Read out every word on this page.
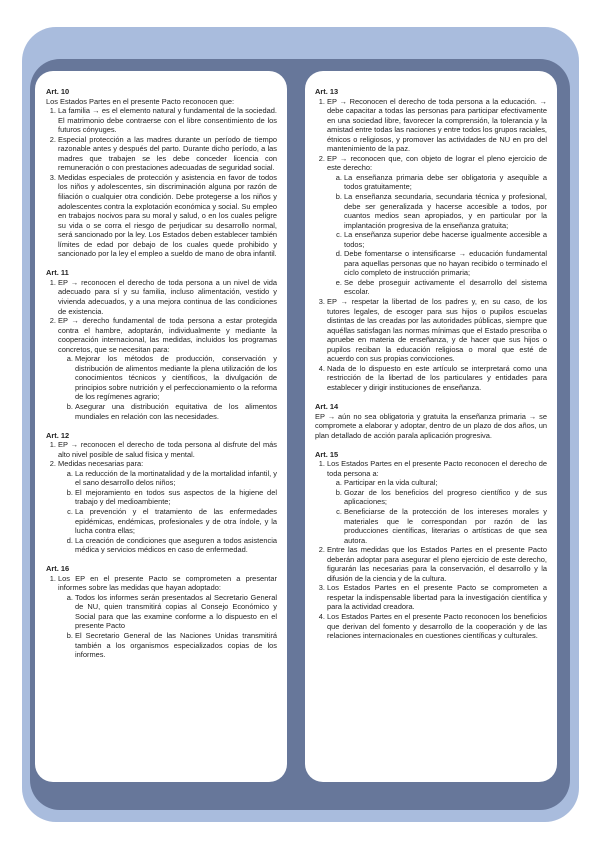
Art. 10

Los Estados Partes en el presente Pacto reconocen que:

1. La familia → es el elemento natural y fundamental de la sociedad. El matrimonio debe contraerse con el libre consentimiento de los futuros cónyuges.
2. Especial protección a las madres durante un período de tiempo razonable antes y después del parto. Durante dicho período, a las madres que trabajen se les debe conceder licencia con remuneración o con prestaciones adecuadas de seguridad social.
3. Medidas especiales de protección y asistencia en favor de todos los niños y adolescentes, sin discriminación alguna por razón de filiación o cualquier otra condición. Debe protegerse a los niños y adolescentes contra la explotación económica y social. Su empleo en trabajos nocivos para su moral y salud, o en los cuales peligre su vida o se corra el riesgo de perjudicar su desarrollo normal, será sancionado por la ley. Los Estados deben establecer también límites de edad por debajo de los cuales quede prohibido y sancionado por la ley el empleo a sueldo de mano de obra infantil.
Art. 11
1. EP → reconocen el derecho de toda persona a un nivel de vida adecuado para sí y su familia, incluso alimentación, vestido y vivienda adecuados, y a una mejora continua de las condiciones de existencia.
2. EP → derecho fundamental de toda persona a estar protegida contra el hambre, adoptarán, individualmente y mediante la cooperación internacional, las medidas, incluidos los programas concretos, que se necesitan para:
a. Mejorar los métodos de producción, conservación y distribución de alimentos mediante la plena utilización de los conocimientos técnicos y científicos, la divulgación de principios sobre nutrición y el perfeccionamiento o la reforma de los regímenes agrario;
b. Asegurar una distribución equitativa de los alimentos mundiales en relación con las necesidades.
Art. 12
1. EP → reconocen el derecho de toda persona al disfrute del más alto nivel posible de salud física y mental.
2. Medidas necesarias para:
a. La reducción de la mortinatalidad y de la mortalidad infantil, y el sano desarrollo delos niños;
b. El mejoramiento en todos sus aspectos de la higiene del trabajo y del medioambiente;
c. La prevención y el tratamiento de las enfermedades epidémicas, endémicas, profesionales y de otra índole, y la lucha contra ellas;
d. La creación de condiciones que aseguren a todos asistencia médica y servicios médicos en caso de enfermedad.
Art. 16
1. Los EP en el presente Pacto se comprometen a presentar informes sobre las medidas que hayan adoptado:
a. Todos los informes serán presentados al Secretario General de NU, quien transmitirá copias al Consejo Económico y Social para que las examine conforme a lo dispuesto en el presente Pacto
b. El Secretario General de las Naciones Unidas transmitirá también a los organismos especializados copias de los informes.
Art. 13
1. EP → Reconocen el derecho de toda persona a la educación. → debe capacitar a todas las personas para participar efectivamente en una sociedad libre, favorecer la comprensión, la tolerancia y la amistad entre todas las naciones y entre todos los grupos raciales, étnicos o religiosos, y promover las actividades de NU en pro del mantenimiento de la paz.
2. EP → reconocen que, con objeto de lograr el pleno ejercicio de este derecho:
a. La enseñanza primaria debe ser obligatoria y asequible a todos gratuitamente;
b. La enseñanza secundaria, secundaria técnica y profesional, debe ser generalizada y hacerse accesible a todos, por cuantos medios sean apropiados, y en particular por la implantación progresiva de la enseñanza gratuita;
c. La enseñanza superior debe hacerse igualmente accesible a todos;
d. Debe fomentarse o intensificarse → educación fundamental para aquellas personas que no hayan recibido o terminado el ciclo completo de instrucción primaria;
e. Se debe proseguir activamente el desarrollo del sistema escolar.
3. EP → respetar la libertad de los padres y, en su caso, de los tutores legales, de escoger para sus hijos o pupilos escuelas distintas de las creadas por las autoridades públicas, siempre que aquéllas satisfagan las normas mínimas que el Estado prescriba o apruebe en materia de enseñanza, y de hacer que sus hijos o pupilos reciban la educación religiosa o moral que esté de acuerdo con sus propias convicciones.
4. Nada de lo dispuesto en este artículo se interpretará como una restricción de la libertad de los particulares y entidades para establecer y dirigir instituciones de enseñanza.
Art. 14

EP → aún no sea obligatoria y gratuita la enseñanza primaria → se compromete a elaborar y adoptar, dentro de un plazo de dos años, un plan detallado de acción parala aplicación progresiva.

Art. 15
1. Los Estados Partes en el presente Pacto reconocen el derecho de toda persona a:
a. Participar en la vida cultural;
b. Gozar de los beneficios del progreso científico y de sus aplicaciones;
c. Beneficiarse de la protección de los intereses morales y materiales que le correspondan por razón de las producciones científicas, literarias o artísticas de que sea autora.
2. Entre las medidas que los Estados Partes en el presente Pacto deberán adoptar para asegurar el pleno ejercicio de este derecho, figurarán las necesarias para la conservación, el desarrollo y la difusión de la ciencia y de la cultura.
3. Los Estados Partes en el presente Pacto se comprometen a respetar la indispensable libertad para la investigación científica y para la actividad creadora.
4. Los Estados Partes en el presente Pacto reconocen los beneficios que derivan del fomento y desarrollo de la cooperación y de las relaciones internacionales en cuestiones científicas y culturales.
